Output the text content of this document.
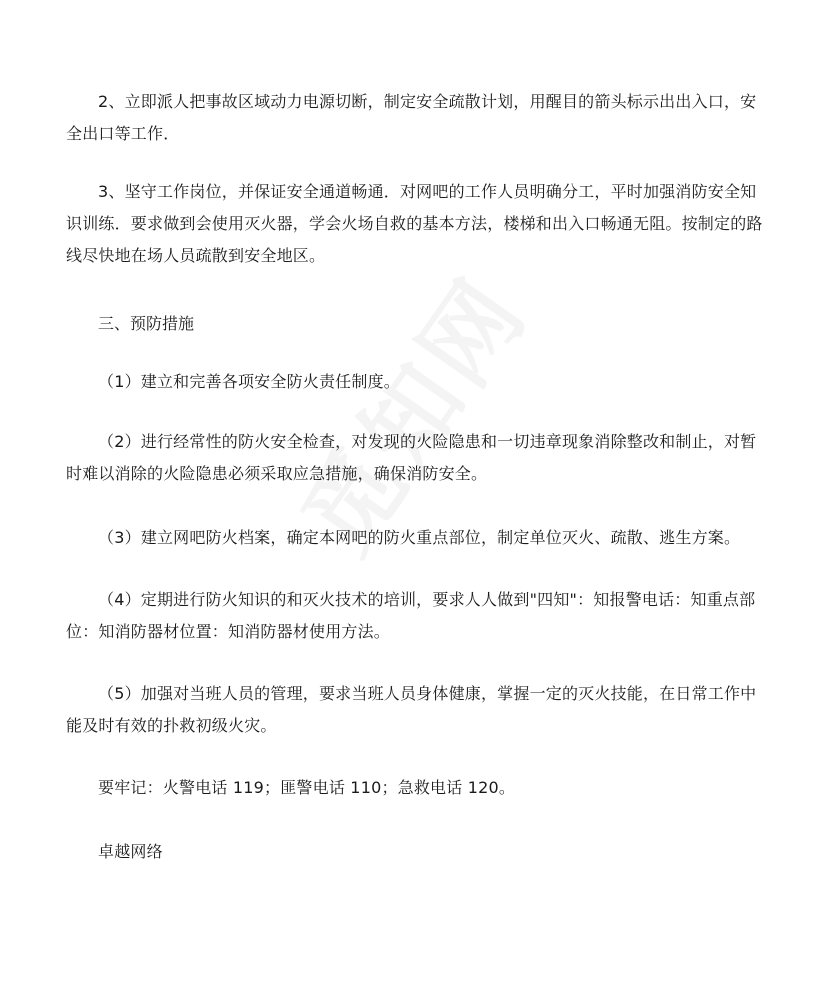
2、立即派人把事故区域动力电源切断，制定安全疏散计划，用醒目的箭头标示出出入口，安全出口等工作．

3、坚守工作岗位，并保证安全通道畅通．对网吧的工作人员明确分工，平时加强消防安全知识训练．要求做到会使用灭火器，学会火场自救的基本方法，楼梯和出入口畅通无阻。按制定的路线尽快地在场人员疏散到安全地区。

三、预防措施

（1）建立和完善各项安全防火责任制度。

（2）进行经常性的防火安全检查，对发现的火险隐患和一切违章现象消除整改和制止，对暂时难以消除的火险隐患必须采取应急措施，确保消防安全。

（3）建立网吧防火档案，确定本网吧的防火重点部位，制定单位灭火、疏散、逃生方案。

（4）定期进行防火知识的和灭火技术的培训，要求人人做到"四知"：知报警电话：知重点部位：知消防器材位置：知消防器材使用方法。

（5）加强对当班人员的管理，要求当班人员身体健康，掌握一定的灭火技能，在日常工作中能及时有效的扑救初级火灾。

要牢记：火警电话 119；匪警电话 110；急救电话 120。

卓越网络
